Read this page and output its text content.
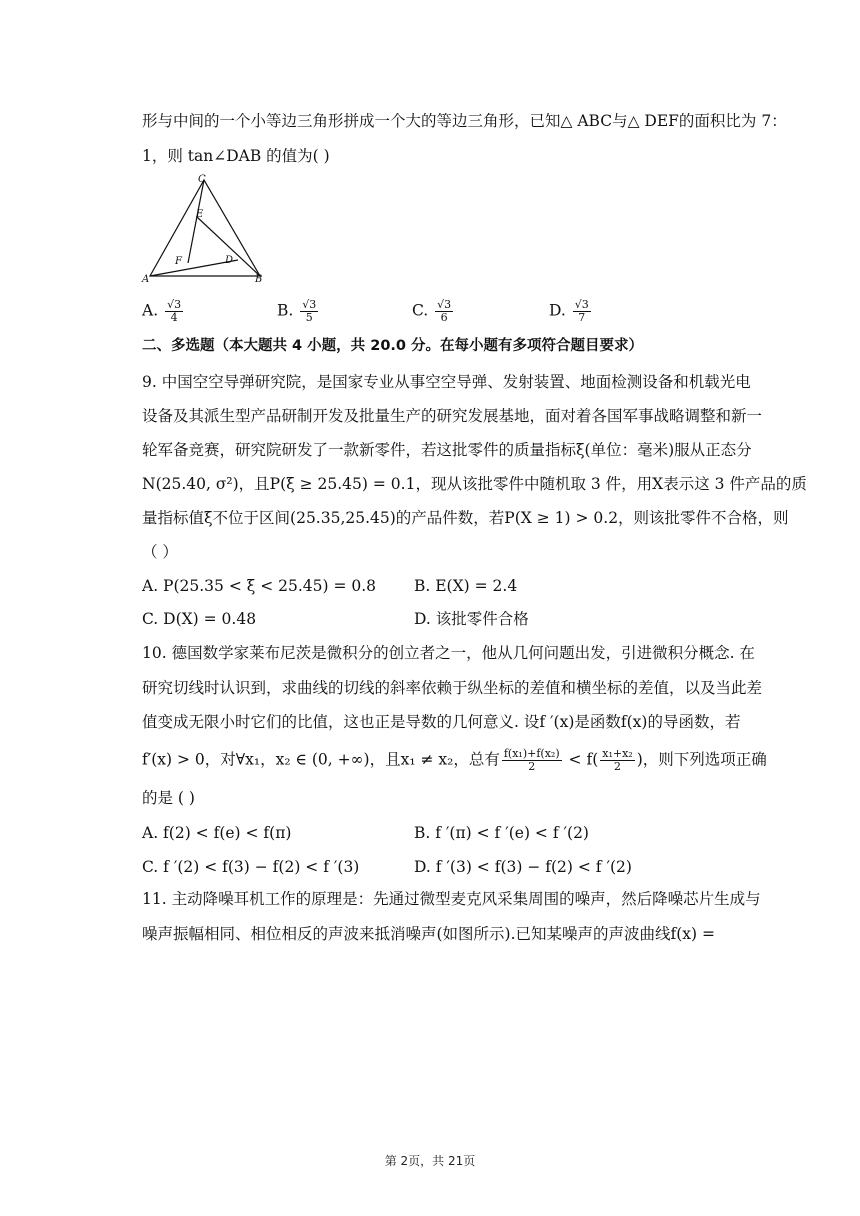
形与中间的一个小等边三角形拼成一个大的等边三角形，已知△ ABC与△ DEF的面积比为 7：
1，则 tan∠DAB 的值为( )
C
E
F	D
A	B
A. $\frac{√3}{4}$	B. $\frac{√3}{5}$	C. $\frac{√3}{6}$	D. $\frac{√3}{7}$
二、多选题（本大题共 4 小题，共 20.0 分。在每小题有多项符合题目要求）
9. 中国空空导弹研究院，是国家专业从事空空导弹、发射装置、地面检测设备和机载光电
设备及其派生型产品研制开发及批量生产的研究发展基地，面对着各国军事战略调整和新一
轮军备竞赛，研究院研发了一款新零件，若这批零件的质量指标ξ(单位：毫米)服从正态分
N(25.40, σ²)，且P(ξ ≥ 25.45) = 0.1，现从该批零件中随机取 3 件，用X表示这 3 件产品的质
量指标值ξ不位于区间(25.35,25.45)的产品件数，若P(X ≥ 1) > 0.2，则该批零件不合格，则
（ ）
A. P(25.35 < ξ < 25.45) = 0.8 B. E(X) = 2.4
C. D(X) = 0.48	D. 该批零件合格
10. 德国数学家莱布尼茨是微积分的创立者之一，他从几何问题出发，引进微积分概念. 在
研究切线时认识到，求曲线的切线的斜率依赖于纵坐标的差值和横坐标的差值，以及当此差
值变成无限小时它们的比值，这也正是导数的几何意义. 设f ′(x)是函数f(x)的导函数，若
f′(x) > 0，对∀x₁，x₂ ∈ (0, +∞)，且x₁ ≠ x₂，总有 $\frac{\text{f(x₁)+f(x₂)}}{2} < f( \frac{\text{x₁+x₂}}{2}$ )，则下列选项正确
的是 ( )
A. f(2) < f(e) < f(π)	B. f ′(π) < f ′(e) < f ′(2)
C. f ′(2) < f(3) − f(2) < f ′(3)	D. f ′(3) < f(3) − f(2) < f ′(2)
11. 主动降噪耳机工作的原理是：先通过微型麦克风采集周围的噪声，然后降噪芯片生成与
噪声振幅相同、相位相反的声波来抵消噪声(如图所示).已知某噪声的声波曲线f(x) =
第 2页，共 21页
